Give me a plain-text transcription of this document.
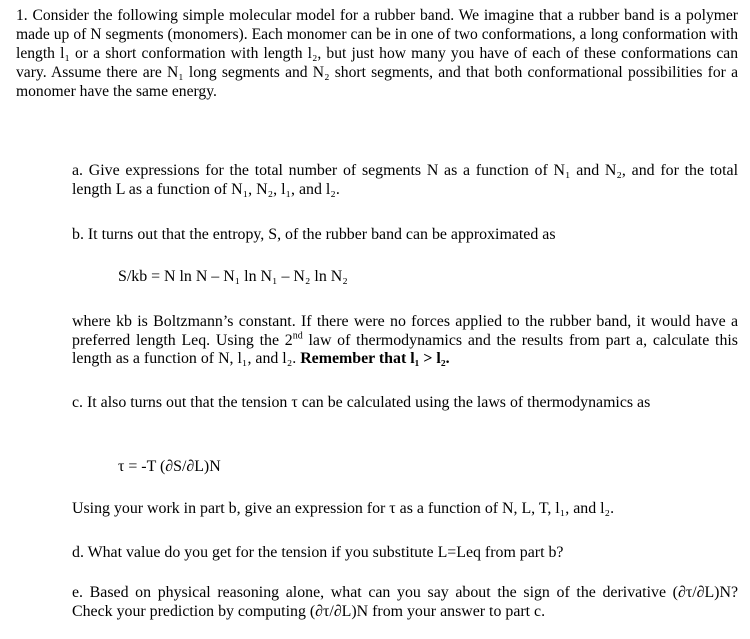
1. Consider the following simple molecular model for a rubber band. We imagine that a rubber band is a polymer made up of N segments (monomers). Each monomer can be in one of two conformations, a long conformation with length l₁ or a short conformation with length l₂, but just how many you have of each of these conformations can vary. Assume there are N₁ long segments and N₂ short segments, and that both conformational possibilities for a monomer have the same energy.
a. Give expressions for the total number of segments N as a function of N₁ and N₂, and for the total length L as a function of N₁, N₂, l₁, and l₂.
b. It turns out that the entropy, S, of the rubber band can be approximated as
S/kb = N ln N – N₁ ln N₁ – N₂ ln N₂
where kb is Boltzmann’s constant. If there were no forces applied to the rubber band, it would have a preferred length Leq. Using the 2nd law of thermodynamics and the results from part a, calculate this length as a function of N, l₁, and l₂. Remember that l₁ > l₂.
c. It also turns out that the tension τ can be calculated using the laws of thermodynamics as
τ = -T (∂S/∂L)N
Using your work in part b, give an expression for τ as a function of N, L, T, l₁, and l₂.
d. What value do you get for the tension if you substitute L=Leq from part b?
e. Based on physical reasoning alone, what can you say about the sign of the derivative (∂τ/∂L)N? Check your prediction by computing (∂τ/∂L)N from your answer to part c.
